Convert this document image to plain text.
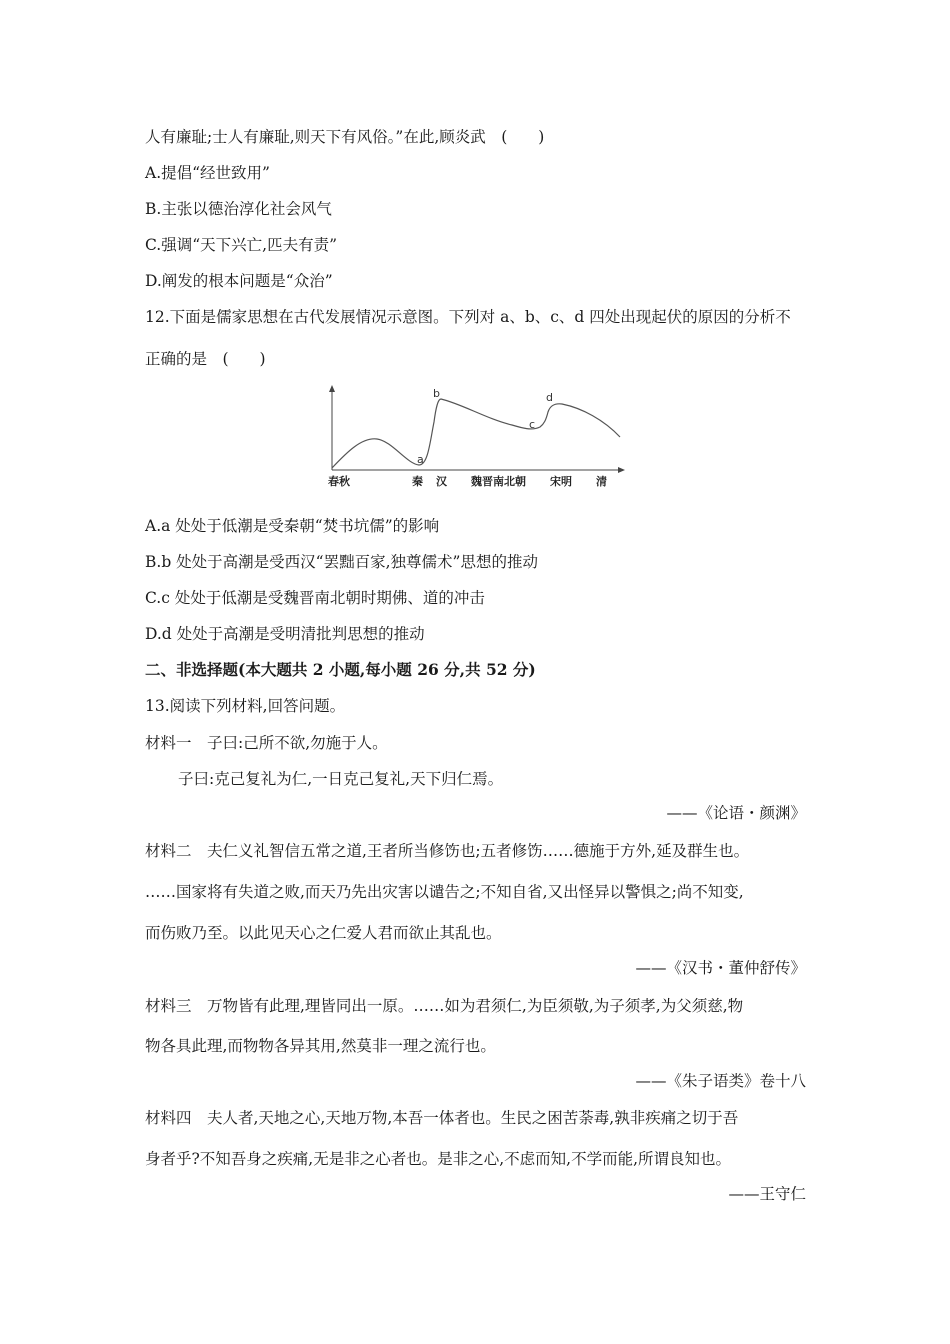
人有廉耻;士人有廉耻,则天下有风俗。”在此,顾炎武　(　　)
A.提倡“经世致用”
B.主张以德治淳化社会风气
C.强调“天下兴亡,匹夫有责”
D.阐发的根本问题是“众治”
12.下面是儒家思想在古代发展情况示意图。下列对 a、b、c、d 四处出现起伏的原因的分析不
正确的是　(　　)
a
b
c
d
春秋	秦 汉 魏晋南北朝 宋明 清
A.a 处处于低潮是受秦朝“焚书坑儒”的影响
B.b 处处于高潮是受西汉“罢黜百家,独尊儒术”思想的推动
C.c 处处于低潮是受魏晋南北朝时期佛、道的冲击
D.d 处处于高潮是受明清批判思想的推动
二、非选择题(本大题共 2 小题,每小题 26 分,共 52 分)
13.阅读下列材料,回答问题。
材料一　子曰:己所不欲,勿施于人。
子曰:克己复礼为仁,一日克己复礼,天下归仁焉。
——《论语・颜渊》
材料二　夫仁义礼智信五常之道,王者所当修饬也;五者修饬……德施于方外,延及群生也。
……国家将有失道之败,而天乃先出灾害以谴告之;不知自省,又出怪异以警惧之;尚不知变,
而伤败乃至。以此见天心之仁爱人君而欲止其乱也。
——《汉书・董仲舒传》
材料三　万物皆有此理,理皆同出一原。……如为君须仁,为臣须敬,为子须孝,为父须慈,物
物各具此理,而物物各异其用,然莫非一理之流行也。
——《朱子语类》卷十八
材料四　夫人者,天地之心,天地万物,本吾一体者也。生民之困苦荼毒,孰非疾痛之切于吾
身者乎?不知吾身之疾痛,无是非之心者也。是非之心,不虑而知,不学而能,所谓良知也。
——王守仁
